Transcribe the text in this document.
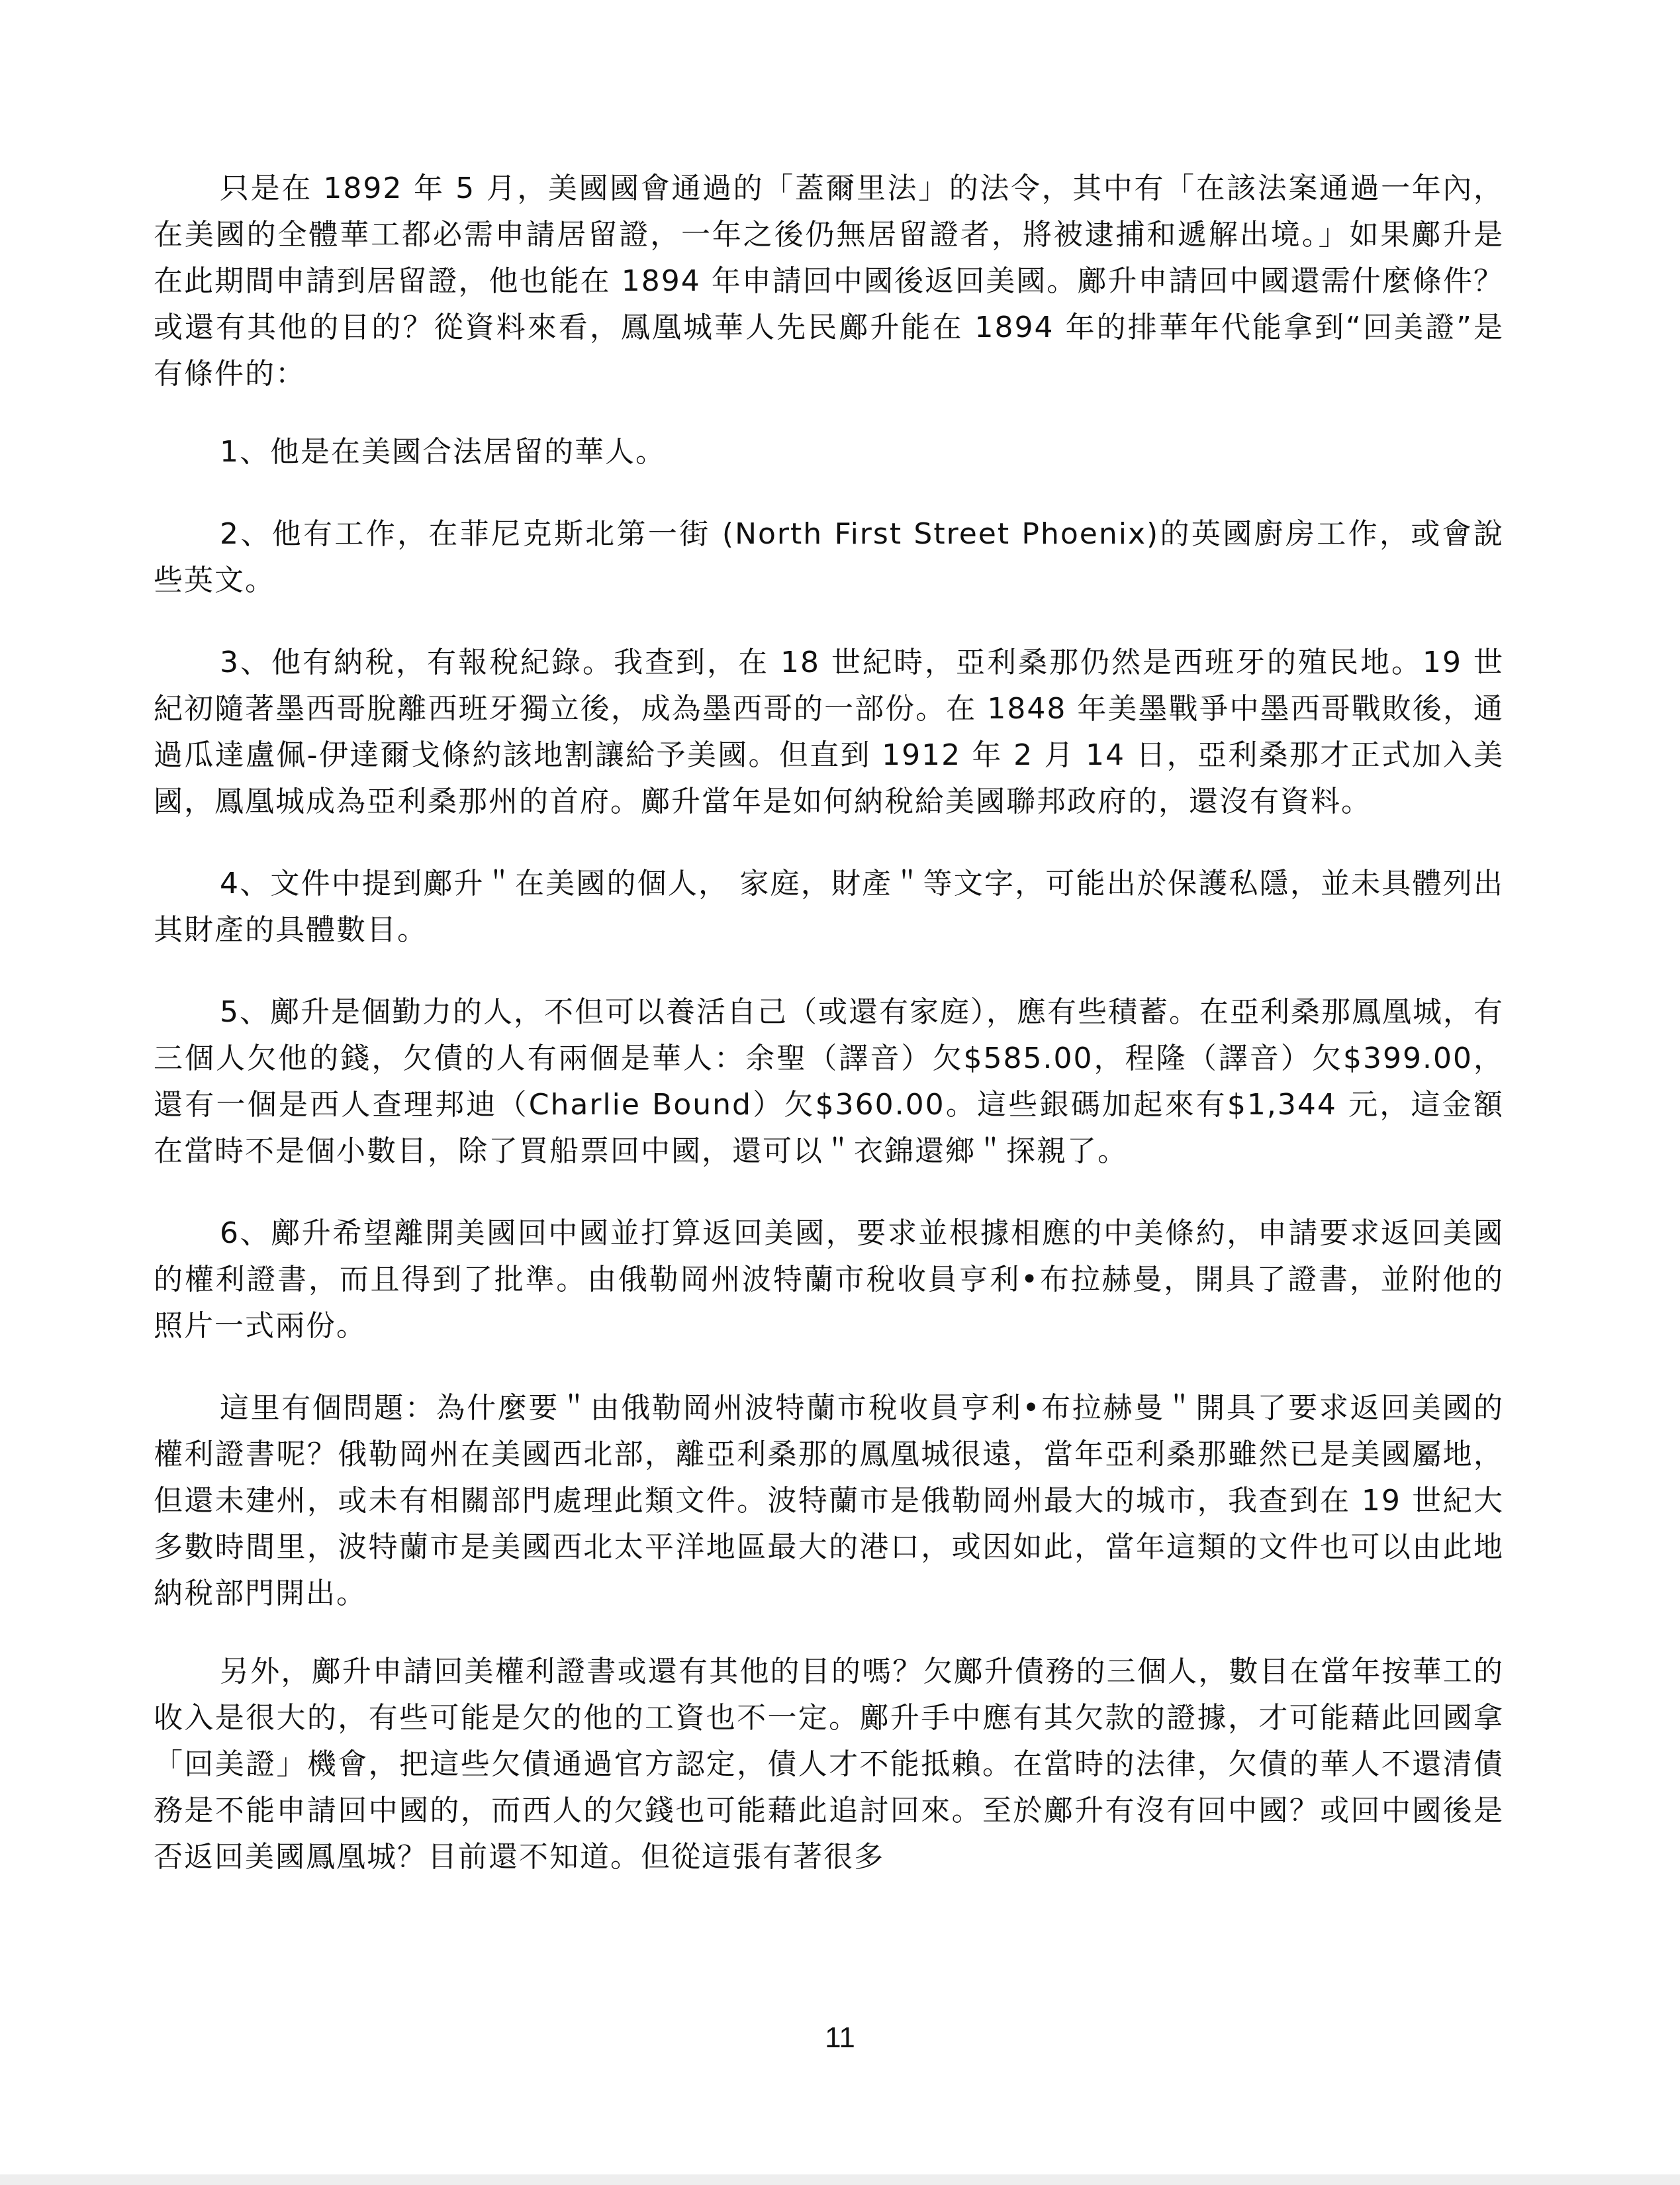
只是在 1892 年 5 月，美國國會通過的「蓋爾里法」的法令，其中有「在該法案通過一年內，在美國的全體華工都必需申請居留證，一年之後仍無居留證者，將被逮捕和遞解出境。」如果鄺升是在此期間申請到居留證，他也能在 1894 年申請回中國後返回美國。鄺升申請回中國還需什麼條件？或還有其他的目的？從資料來看，鳳凰城華人先民鄺升能在 1894 年的排華年代能拿到“回美證”是有條件的：

1、他是在美國合法居留的華人。

2、他有工作，在菲尼克斯北第一街 (North First Street Phoenix)的英國廚房工作，或會說些英文。

3、他有納稅，有報稅紀錄。我查到，在 18 世紀時，亞利桑那仍然是西班牙的殖民地。19 世紀初隨著墨西哥脫離西班牙獨立後，成為墨西哥的一部份。在 1848 年美墨戰爭中墨西哥戰敗後，通過瓜達盧佩-伊達爾戈條約該地割讓給予美國。但直到 1912 年 2 月 14 日，亞利桑那才正式加入美國，鳳凰城成為亞利桑那州的首府。鄺升當年是如何納稅給美國聯邦政府的，還沒有資料。

4、文件中提到鄺升＂在美國的個人， 家庭，財產＂等文字，可能出於保護私隱，並未具體列出其財產的具體數目。

5、鄺升是個勤力的人，不但可以養活自己（或還有家庭），應有些積蓄。在亞利桑那鳳凰城，有三個人欠他的錢，欠債的人有兩個是華人：余聖（譯音）欠$585.00，程隆（譯音）欠$399.00，還有一個是西人查理邦迪（Charlie Bound）欠$360.00。這些銀碼加起來有$1,344 元，這金額在當時不是個小數目，除了買船票回中國，還可以＂衣錦還鄉＂探親了。

6、鄺升希望離開美國回中國並打算返回美國，要求並根據相應的中美條約，申請要求返回美國的權利證書，而且得到了批準。由俄勒岡州波特蘭市稅收員亨利•布拉赫曼，開具了證書，並附他的照片一式兩份。

這里有個問題：為什麼要＂由俄勒岡州波特蘭市稅收員亨利•布拉赫曼＂開具了要求返回美國的權利證書呢？俄勒岡州在美國西北部，離亞利桑那的鳳凰城很遠，當年亞利桑那雖然已是美國屬地，但還未建州，或未有相關部門處理此類文件。波特蘭市是俄勒岡州最大的城市，我查到在 19 世紀大多數時間里，波特蘭市是美國西北太平洋地區最大的港口，或因如此，當年這類的文件也可以由此地納稅部門開出。

另外，鄺升申請回美權利證書或還有其他的目的嗎？欠鄺升債務的三個人，數目在當年按華工的收入是很大的，有些可能是欠的他的工資也不一定。鄺升手中應有其欠款的證據，才可能藉此回國拿「回美證」機會，把這些欠債通過官方認定，債人才不能抵賴。在當時的法律，欠債的華人不還清債務是不能申請回中國的，而西人的欠錢也可能藉此追討回來。至於鄺升有沒有回中國？或回中國後是否返回美國鳳凰城？目前還不知道。但從這張有著很多

11
